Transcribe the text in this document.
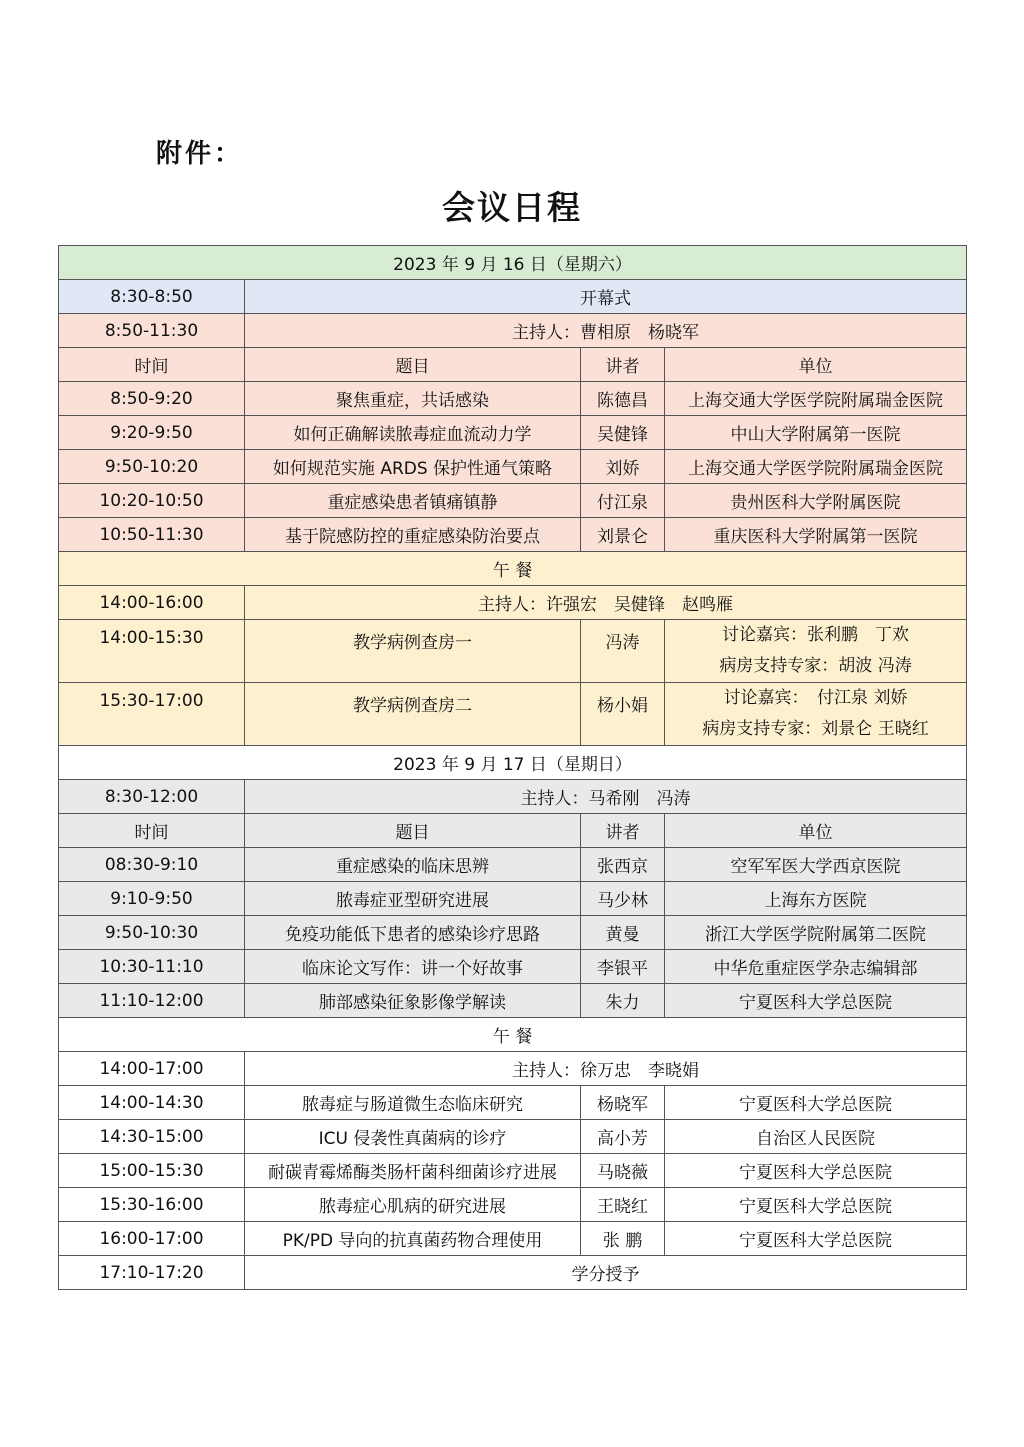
附件：
会议日程
2023 年 9 月 16 日（星期六）			
8:30-8:50	开幕式		
8:50-11:30	主持人：曹相原　杨晓军		
时间	题目	讲者	单位
8:50-9:20	聚焦重症，共话感染	陈德昌	上海交通大学医学院附属瑞金医院
9:20-9:50	如何正确解读脓毒症血流动力学	吴健锋	中山大学附属第一医院
9:50-10:20	如何规范实施 ARDS 保护性通气策略	刘娇	上海交通大学医学院附属瑞金医院
10:20-10:50	重症感染患者镇痛镇静	付江泉	贵州医科大学附属医院
10:50-11:30	基于院感防控的重症感染防治要点	刘景仑	重庆医科大学附属第一医院
午 餐			
14:00-16:00	主持人：许强宏　吴健锋　赵鸣雁		
14:00-15:30	教学病例查房一	冯涛	讨论嘉宾：张利鹏　丁欢
病房支持专家：胡波 冯涛

15:30-17:00	教学病例查房二	杨小娟	讨论嘉宾：　付江泉 刘娇
病房支持专家：刘景仑 王晓红

2023 年 9 月 17 日（星期日）			
8:30-12:00	主持人：马希刚　冯涛		
时间	题目	讲者	单位
08:30-9:10	重症感染的临床思辨	张西京	空军军医大学西京医院
9:10-9:50	脓毒症亚型研究进展	马少林	上海东方医院
9:50-10:30	免疫功能低下患者的感染诊疗思路	黄曼	浙江大学医学院附属第二医院
10:30-11:10	临床论文写作：讲一个好故事	李银平	中华危重症医学杂志编辑部
11:10-12:00	肺部感染征象影像学解读	朱力	宁夏医科大学总医院
午 餐			
14:00-17:00	主持人：徐万忠　李晓娟		
14:00-14:30	脓毒症与肠道微生态临床研究	杨晓军	宁夏医科大学总医院
14:30-15:00	ICU 侵袭性真菌病的诊疗	高小芳	自治区人民医院
15:00-15:30	耐碳青霉烯酶类肠杆菌科细菌诊疗进展	马晓薇	宁夏医科大学总医院
15:30-16:00	脓毒症心肌病的研究进展	王晓红	宁夏医科大学总医院
16:00-17:00	PK/PD 导向的抗真菌药物合理使用	张 鹏	宁夏医科大学总医院
17:10-17:20	学分授予		
